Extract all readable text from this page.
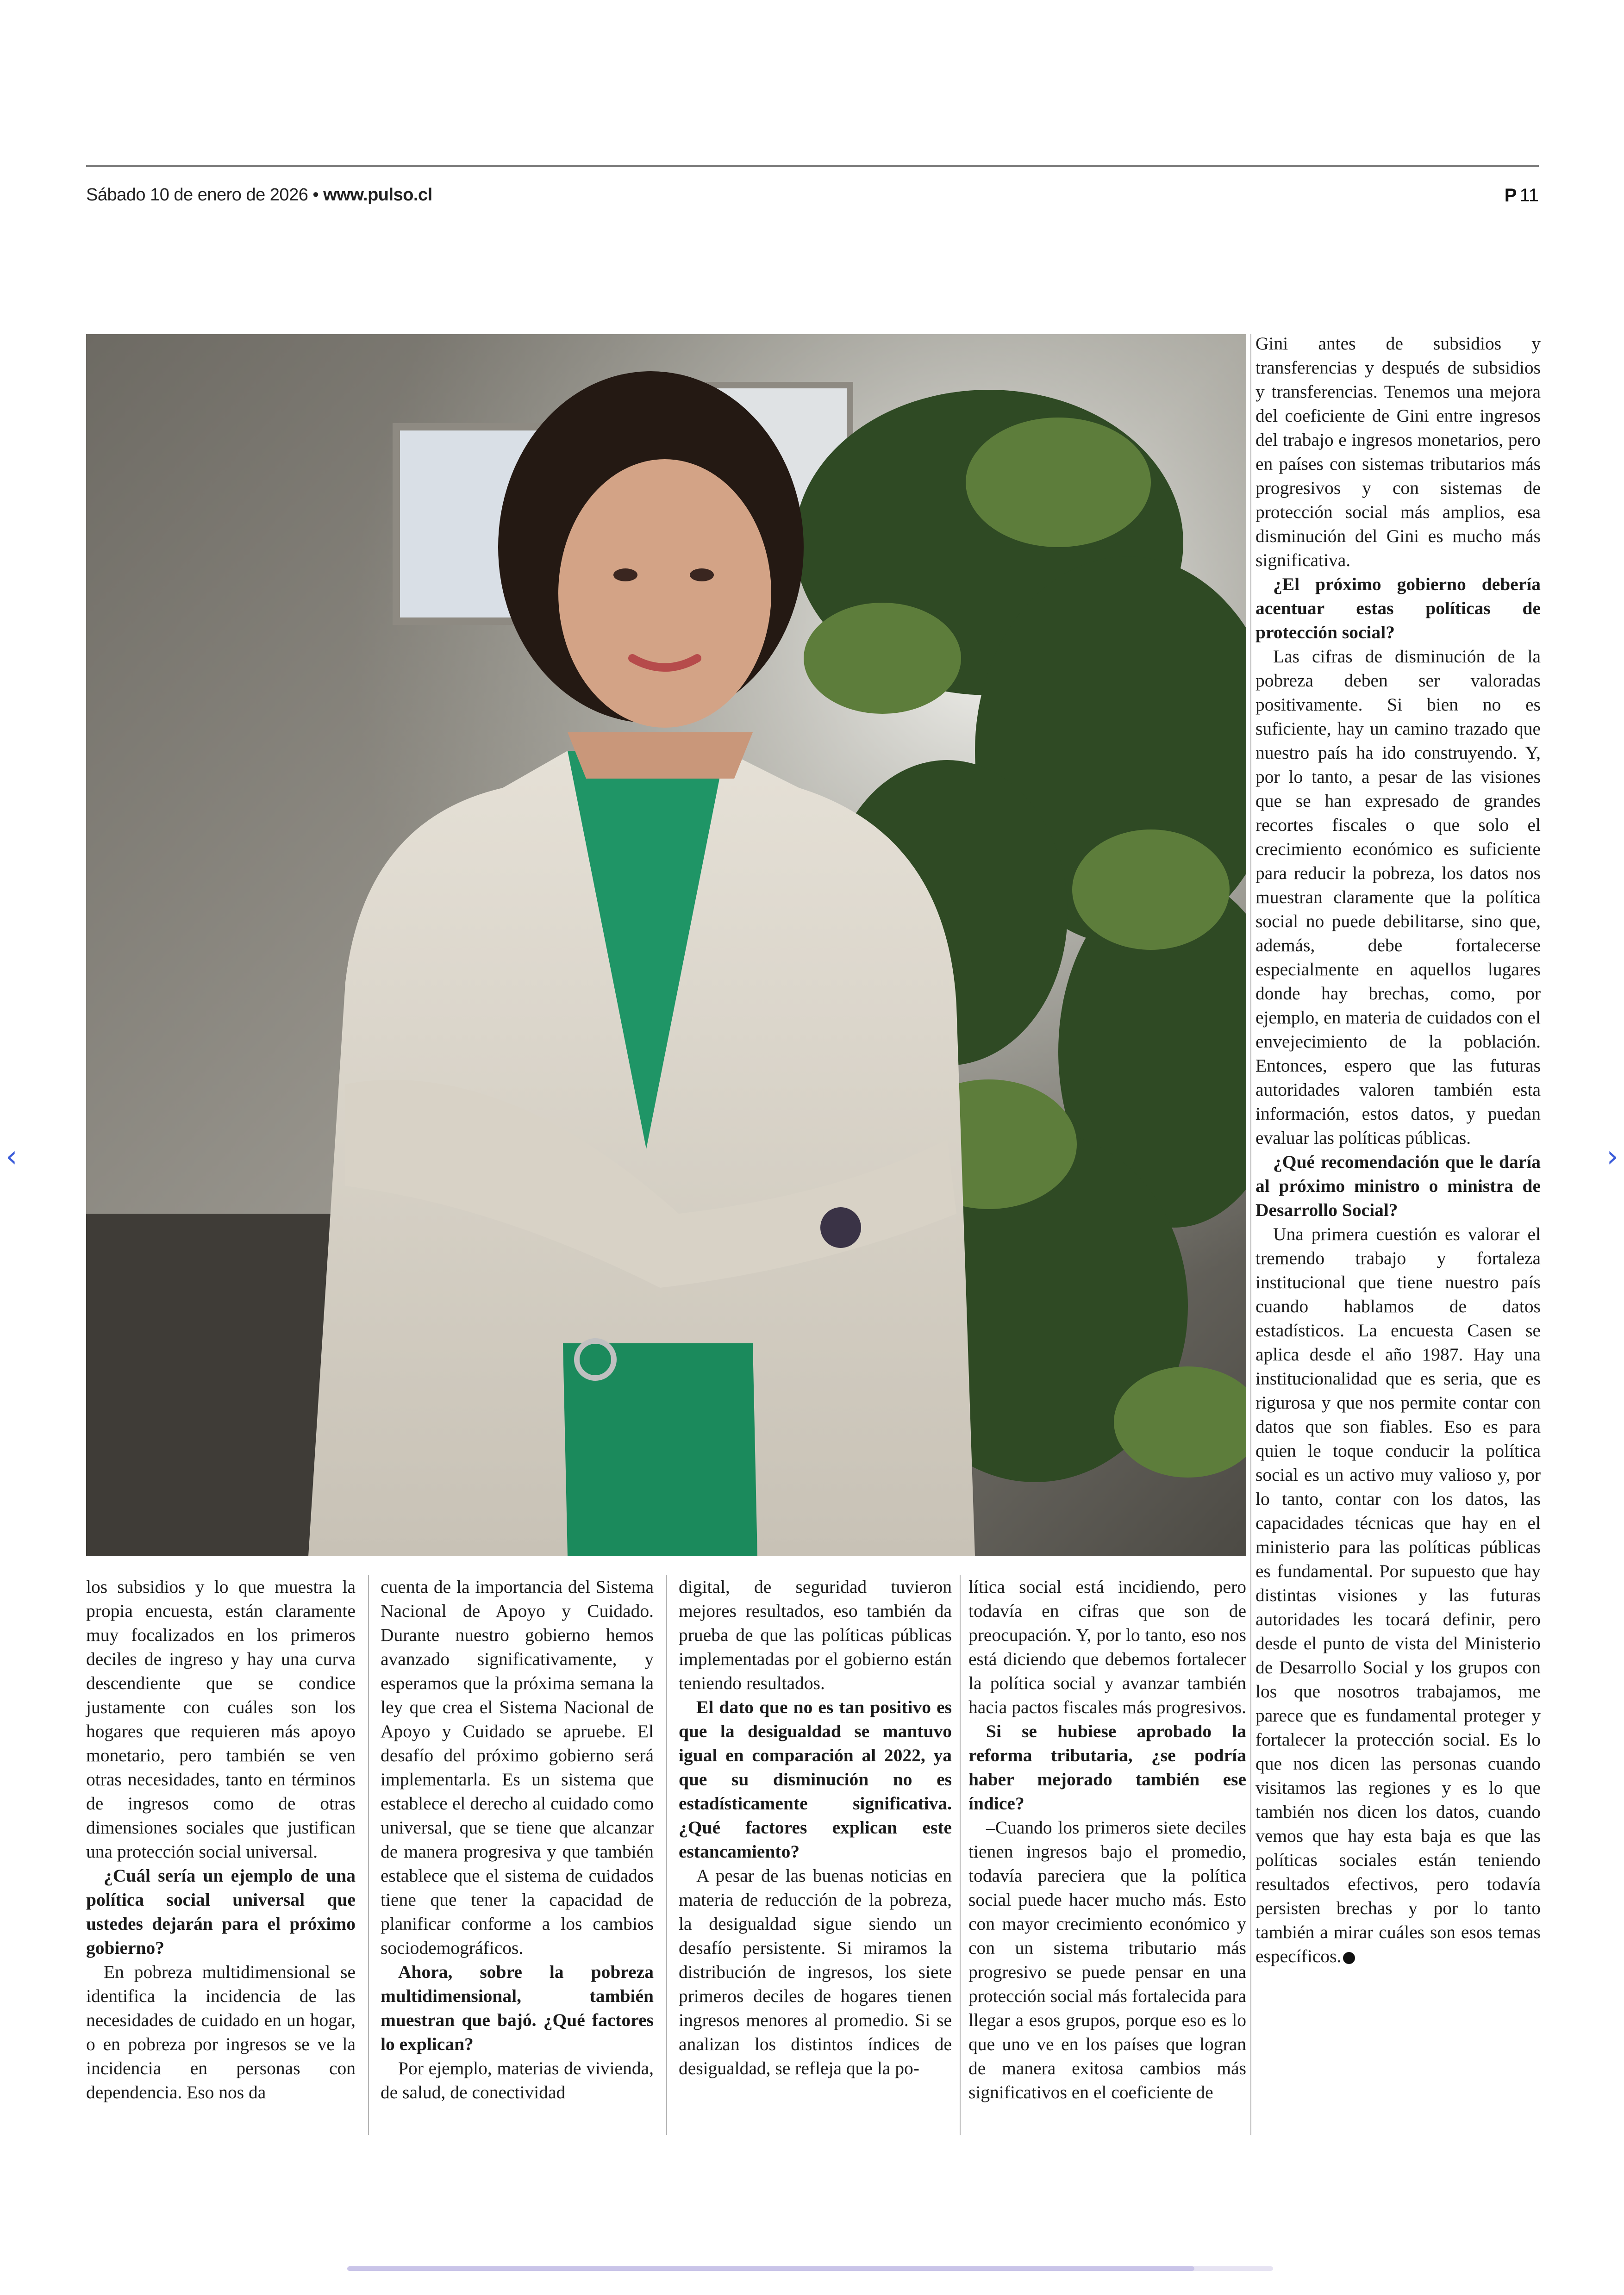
Sábado 10 de enero de 2026 • www.pulso.cl	P 11

los subsidios y lo que muestra la propia encuesta, están claramente muy focalizados en los primeros deciles de ingreso y hay una curva descendiente que se condice justamente con cuáles son los hogares que requieren más apoyo monetario, pero también se ven otras necesidades, tanto en términos de ingresos como de otras dimensiones sociales que justifican una protección social universal.

¿Cuál sería un ejemplo de una política social universal que ustedes dejarán para el próximo gobierno?

En pobreza multidimensional se identifica la incidencia de las necesidades de cuidado en un hogar, o en pobreza por ingresos se ve la incidencia en personas con dependencia. Eso nos da

cuenta de la importancia del Sistema Nacional de Apoyo y Cuidado. Durante nuestro gobierno hemos avanzado significativamente, y esperamos que la próxima semana la ley que crea el Sistema Nacional de Apoyo y Cuidado se apruebe. El desafío del próximo gobierno será implementarla. Es un sistema que establece el derecho al cuidado como universal, que se tiene que alcanzar de manera progresiva y que también establece que el sistema de cuidados tiene que tener la capacidad de planificar conforme a los cambios sociodemográficos.

Ahora, sobre la pobreza multidimensional, también muestran que bajó. ¿Qué factores lo explican?

Por ejemplo, materias de vivienda, de salud, de conectividad

digital, de seguridad tuvieron mejores resultados, eso también da prueba de que las políticas públicas implementadas por el gobierno están teniendo resultados.

El dato que no es tan positivo es que la desigualdad se mantuvo igual en comparación al 2022, ya que su disminución no es estadísticamente significativa. ¿Qué factores explican este estancamiento?

A pesar de las buenas noticias en materia de reducción de la pobreza, la desigualdad sigue siendo un desafío persistente. Si miramos la distribución de ingresos, los siete primeros deciles de hogares tienen ingresos menores al promedio. Si se analizan los distintos índices de desigualdad, se refleja que la po-

lítica social está incidiendo, pero todavía en cifras que son de preocupación. Y, por lo tanto, eso nos está diciendo que debemos fortalecer la política social y avanzar también hacia pactos fiscales más progresivos.

Si se hubiese aprobado la reforma tributaria, ¿se podría haber mejorado también ese índice?

–Cuando los primeros siete deciles tienen ingresos bajo el promedio, todavía pareciera que la política social puede hacer mucho más. Esto con mayor crecimiento económico y con un sistema tributario más progresivo se puede pensar en una protección social más fortalecida para llegar a esos grupos, porque eso es lo que uno ve en los países que logran de manera exitosa cambios más significativos en el coeficiente de

Gini antes de subsidios y transferencias y después de subsidios y transferencias. Tenemos una mejora del coeficiente de Gini entre ingresos del trabajo e ingresos monetarios, pero en países con sistemas tributarios más progresivos y con sistemas de protección social más amplios, esa disminución del Gini es mucho más significativa.

¿El próximo gobierno debería acentuar estas políticas de protección social?

Las cifras de disminución de la pobreza deben ser valoradas positivamente. Si bien no es suficiente, hay un camino trazado que nuestro país ha ido construyendo. Y, por lo tanto, a pesar de las visiones que se han expresado de grandes recortes fiscales o que solo el crecimiento económico es suficiente para reducir la pobreza, los datos nos muestran claramente que la política social no puede debilitarse, sino que, además, debe fortalecerse especialmente en aquellos lugares donde hay brechas, como, por ejemplo, en materia de cuidados con el envejecimiento de la población. Entonces, espero que las futuras autoridades valoren también esta información, estos datos, y puedan evaluar las políticas públicas.

¿Qué recomendación que le daría al próximo ministro o ministra de Desarrollo Social?

Una primera cuestión es valorar el tremendo trabajo y fortaleza institucional que tiene nuestro país cuando hablamos de datos estadísticos. La encuesta Casen se aplica desde el año 1987. Hay una institucionalidad que es seria, que es rigurosa y que nos permite contar con datos que son fiables. Eso es para quien le toque conducir la política social es un activo muy valioso y, por lo tanto, contar con los datos, las capacidades técnicas que hay en el ministerio para las políticas públicas es fundamental. Por supuesto que hay distintas visiones y las futuras autoridades les tocará definir, pero desde el punto de vista del Ministerio de Desarrollo Social y los grupos con los que nosotros trabajamos, me parece que es fundamental proteger y fortalecer la protección social. Es lo que nos dicen las personas cuando visitamos las regiones y es lo que también nos dicen los datos, cuando vemos que hay esta baja es que las políticas sociales están teniendo resultados efectivos, pero todavía persisten brechas y por lo tanto también a mirar cuáles son esos temas específicos. P

‹	›
